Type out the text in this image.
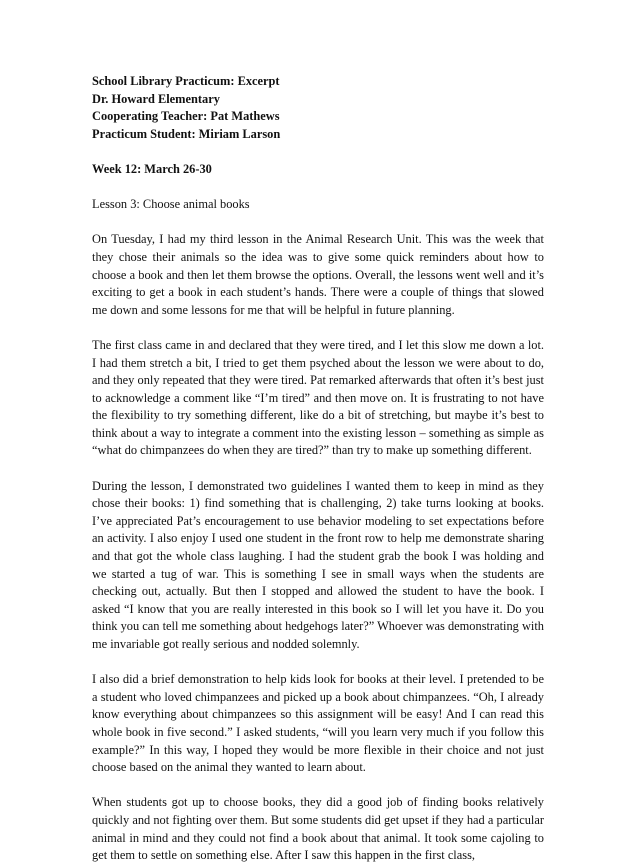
School Library Practicum: Excerpt
Dr. Howard Elementary
Cooperating Teacher: Pat Mathews
Practicum Student: Miriam Larson
Week 12: March 26-30
Lesson 3: Choose animal books

On Tuesday, I had my third lesson in the Animal Research Unit. This was the week that they chose their animals so the idea was to give some quick reminders about how to choose a book and then let them browse the options. Overall, the lessons went well and it’s exciting to get a book in each student’s hands. There were a couple of things that slowed me down and some lessons for me that will be helpful in future planning.

The first class came in and declared that they were tired, and I let this slow me down a lot. I had them stretch a bit, I tried to get them psyched about the lesson we were about to do, and they only repeated that they were tired. Pat remarked afterwards that often it’s best just to acknowledge a comment like “I’m tired” and then move on. It is frustrating to not have the flexibility to try something different, like do a bit of stretching, but maybe it’s best to think about a way to integrate a comment into the existing lesson – something as simple as “what do chimpanzees do when they are tired?” than try to make up something different.

During the lesson, I demonstrated two guidelines I wanted them to keep in mind as they chose their books: 1) find something that is challenging, 2) take turns looking at books. I’ve appreciated Pat’s encouragement to use behavior modeling to set expectations before an activity. I also enjoy I used one student in the front row to help me demonstrate sharing and that got the whole class laughing. I had the student grab the book I was holding and we started a tug of war. This is something I see in small ways when the students are checking out, actually. But then I stopped and allowed the student to have the book. I asked “I know that you are really interested in this book so I will let you have it. Do you think you can tell me something about hedgehogs later?” Whoever was demonstrating with me invariable got really serious and nodded solemnly.

I also did a brief demonstration to help kids look for books at their level. I pretended to be a student who loved chimpanzees and picked up a book about chimpanzees. “Oh, I already know everything about chimpanzees so this assignment will be easy! And I can read this whole book in five second.” I asked students, “will you learn very much if you follow this example?” In this way, I hoped they would be more flexible in their choice and not just choose based on the animal they wanted to learn about.

When students got up to choose books, they did a good job of finding books relatively quickly and not fighting over them. But some students did get upset if they had a particular animal in mind and they could not find a book about that animal. It took some cajoling to get them to settle on something else. After I saw this happen in the first class,
